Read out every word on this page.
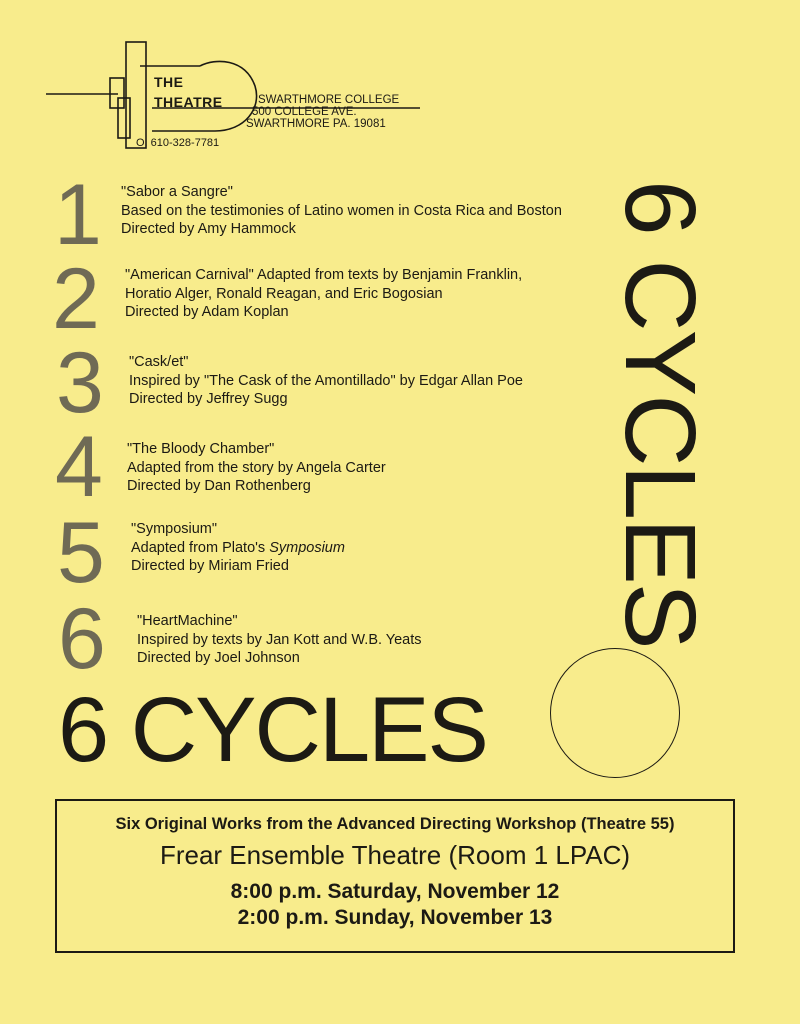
THE
THEATRE	SWARTHMORE COLLEGE
500 COLLEGE AVE.
SWARTHMORE PA. 19081
O. 610-328-7781
1 "Sabor a Sangre"
Based on the testimonies of Latino women in Costa Rica and Boston
Directed by Amy Hammock
2 "American Carnival" Adapted from texts by Benjamin Franklin,
Horatio Alger, Ronald Reagan, and Eric Bogosian
Directed by Adam Koplan
3 "Cask/et"
Inspired by "The Cask of the Amontillado" by Edgar Allan Poe
Directed by Jeffrey Sugg
4 "The Bloody Chamber"
Adapted from the story by Angela Carter
Directed by Dan Rothenberg
5 "Symposium"
Adapted from Plato's Symposium
Directed by Miriam Fried
6 "HeartMachine"
Inspired by texts by Jan Kott and W.B. Yeats
Directed by Joel Johnson
6 CYCLES
6 CYCLES
Six Original Works from the Advanced Directing Workshop (Theatre 55)
Frear Ensemble Theatre (Room 1 LPAC)
8:00 p.m. Saturday, November 12
2:00 p.m. Sunday, November 13
